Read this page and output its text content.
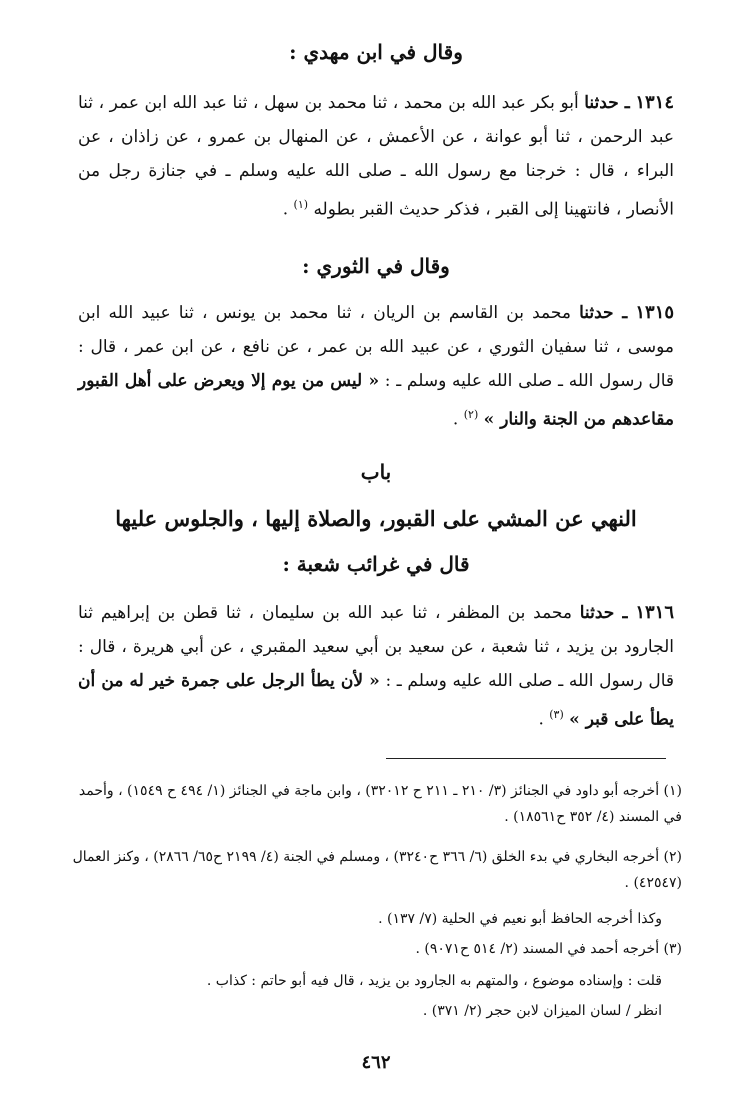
وقال في ابن مهدي :
١٣١٤ ـ حدثنا أبو بكر عبد الله بن محمد ، ثنا محمد بن سهل ، ثنا عبد الله ابن عمر ، ثنا عبد الرحمن ، ثنا أبو عوانة ، عن الأعمش ، عن المنهال بن عمرو ، عن زاذان ، عن البراء ، قال : خرجنا مع رسول الله ـ صلى الله عليه وسلم ـ في جنازة رجل من الأنصار ، فانتهينا إلى القبر ، فذكر حديث القبر بطوله $^{(١)}$ .
وقال في الثوري :
١٣١٥ ـ حدثنا محمد بن القاسم بن الريان ، ثنا محمد بن يونس ، ثنا عبيد الله ابن موسى ، ثنا سفيان الثوري ، عن عبيد الله بن عمر ، عن نافع ، عن ابن عمر ، قال : قال رسول الله ـ صلى الله عليه وسلم ـ : « ليس من يوم إلا ويعرض على أهل القبور مقاعدهم من الجنة والنار » $^{(٢)}$ .
باب
النهي عن المشي على القبور، والصلاة إليها ، والجلوس عليها
قال في غرائب شعبة :
١٣١٦ ـ حدثنا محمد بن المظفر ، ثنا عبد الله بن سليمان ، ثنا قطن بن إبراهيم ثنا الجارود بن يزيد ، ثنا شعبة ، عن سعيد بن أبي سعيد المقبري ، عن أبي هريرة ، قال : قال رسول الله ـ صلى الله عليه وسلم ـ : « لأن يطأ الرجل على جمرة خير له من أن يطأ على قبر » $^{(٣)}$ .
(١) أخرجه أبو داود في الجنائز (٣/ ٢١٠ ـ ٢١١ ح ٣٢٠١٢) ، وابن ماجة في الجنائز (١/ ٤٩٤ ح ١٥٤٩) ، وأحمد في المسند (٤/ ٣٥٢ ح١٨٥٦١) .
(٢) أخرجه البخاري في بدء الخلق (٦/ ٣٦٦ ح٣٢٤٠) ، ومسلم في الجنة (٤/ ٢١٩٩ ح٦٥/ ٢٨٦٦) ، وكنز العمال (٤٢٥٤٧) .
وكذا أخرجه الحافظ أبو نعيم في الحلية (٧/ ١٣٧) .
(٣) أخرجه أحمد في المسند (٢/ ٥١٤ ح٩٠٧١) .
قلت : وإسناده موضوع ، والمتهم به الجارود بن يزيد ، قال فيه أبو حاتم : كذاب .
انظر / لسان الميزان لابن حجر (٢/ ٣٧١) .
٤٦٢
